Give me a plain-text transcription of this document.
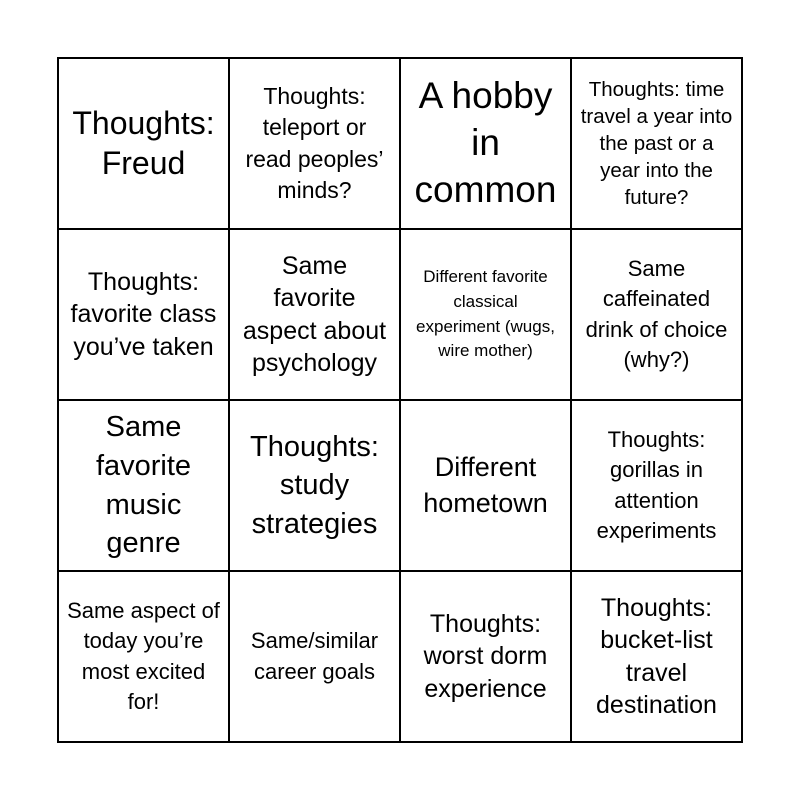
Thoughts: Freud
Thoughts: teleport or read peoples’ minds?
A hobby in common
Thoughts: time travel a year into the past or a year into the future?
Thoughts: favorite class you’ve taken
Same favorite aspect about psychology
Different favorite classical experiment (wugs, wire mother)
Same caffeinated drink of choice (why?)
Same favorite music genre
Thoughts: study strategies
Different hometown
Thoughts: gorillas in attention experiments
Same aspect of today you’re most excited for!
Same/similar career goals
Thoughts: worst dorm experience
Thoughts: bucket-list travel destination
